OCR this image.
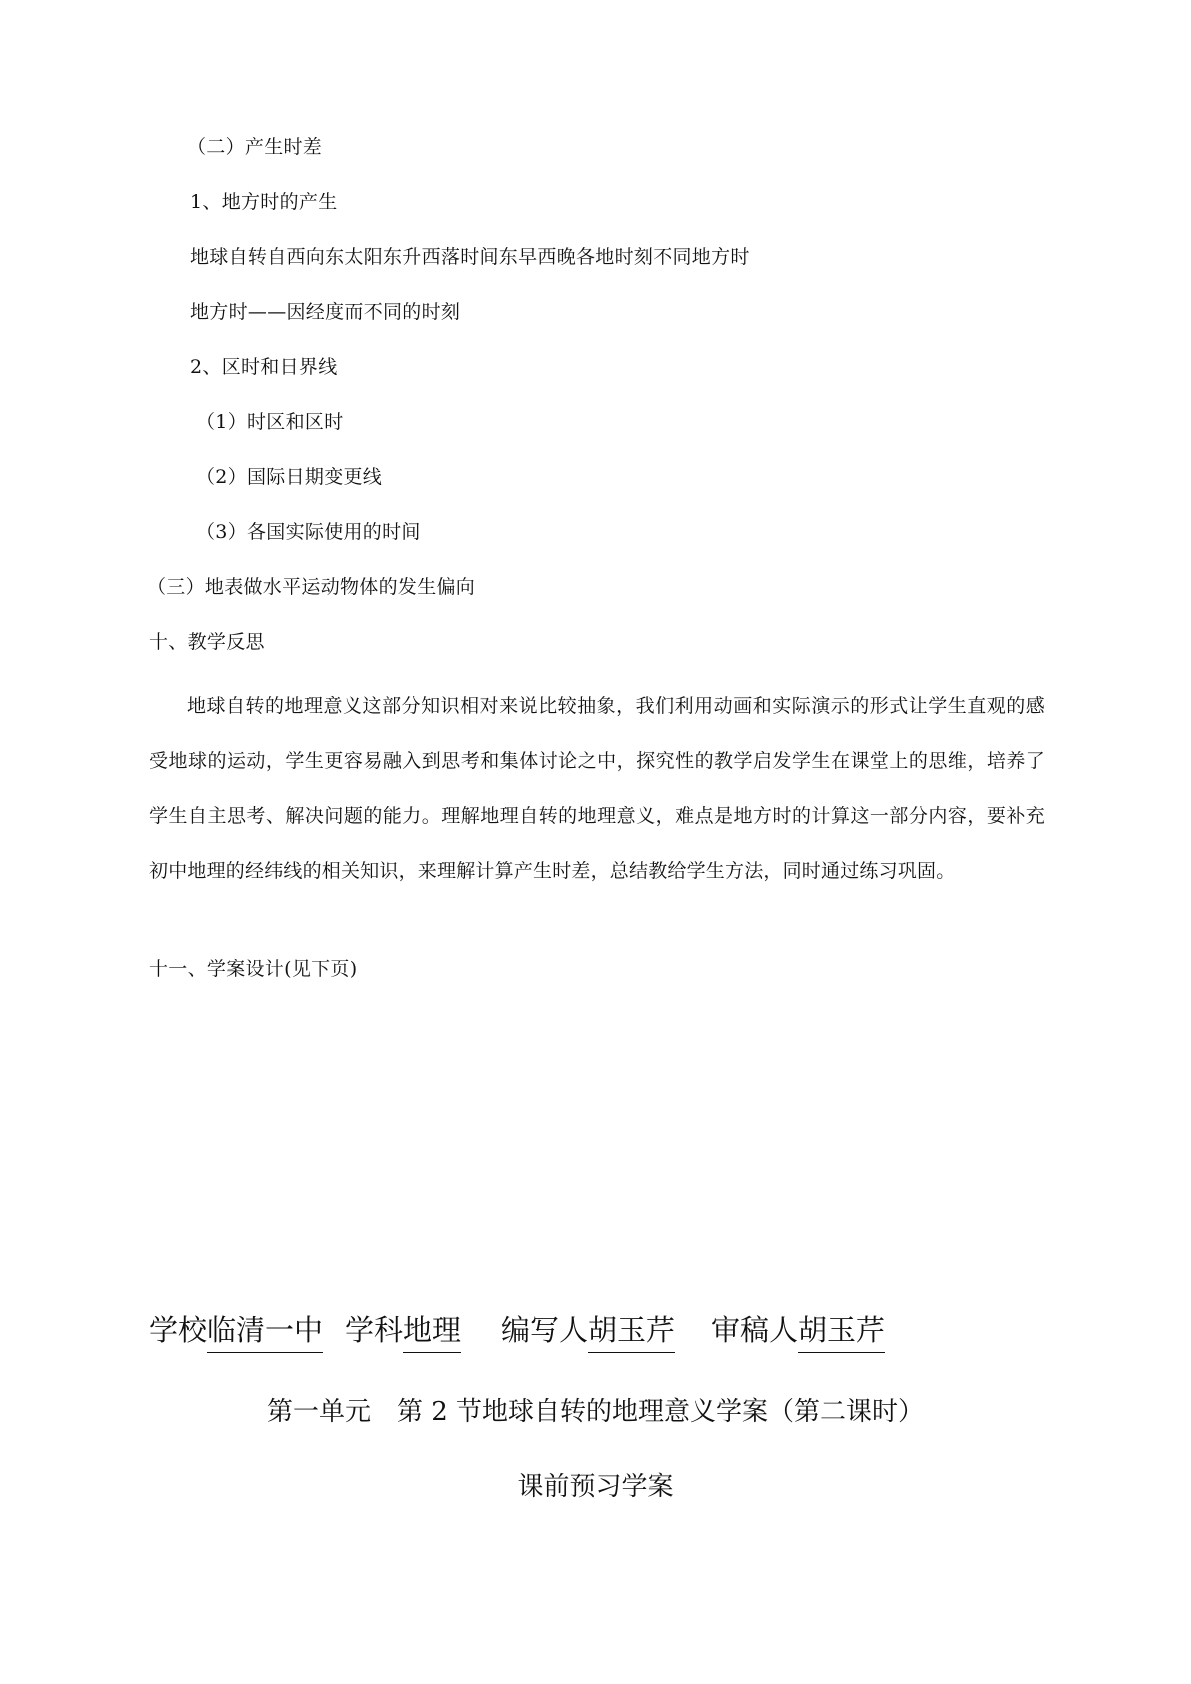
（二）产生时差
1、地方时的产生
地球自转自西向东太阳东升西落时间东早西晚各地时刻不同地方时
地方时——因经度而不同的时刻
2、区时和日界线
（1）时区和区时
（2）国际日期变更线
（3）各国实际使用的时间
（三）地表做水平运动物体的发生偏向
十、教学反思
地球自转的地理意义这部分知识相对来说比较抽象，我们利用动画和实际演示的形式让学生直观的感受地球的运动，学生更容易融入到思考和集体讨论之中，探究性的教学启发学生在课堂上的思维，培养了学生自主思考、解决问题的能力。理解地理自转的地理意义，难点是地方时的计算这一部分内容，要补充初中地理的经纬线的相关知识，来理解计算产生时差，总结教给学生方法，同时通过练习巩固。
十一、学案设计(见下页)
学校临清一中 学科地理 编写人胡玉芹 审稿人胡玉芹
第一单元　第 2 节地球自转的地理意义学案（第二课时）
课前预习学案
